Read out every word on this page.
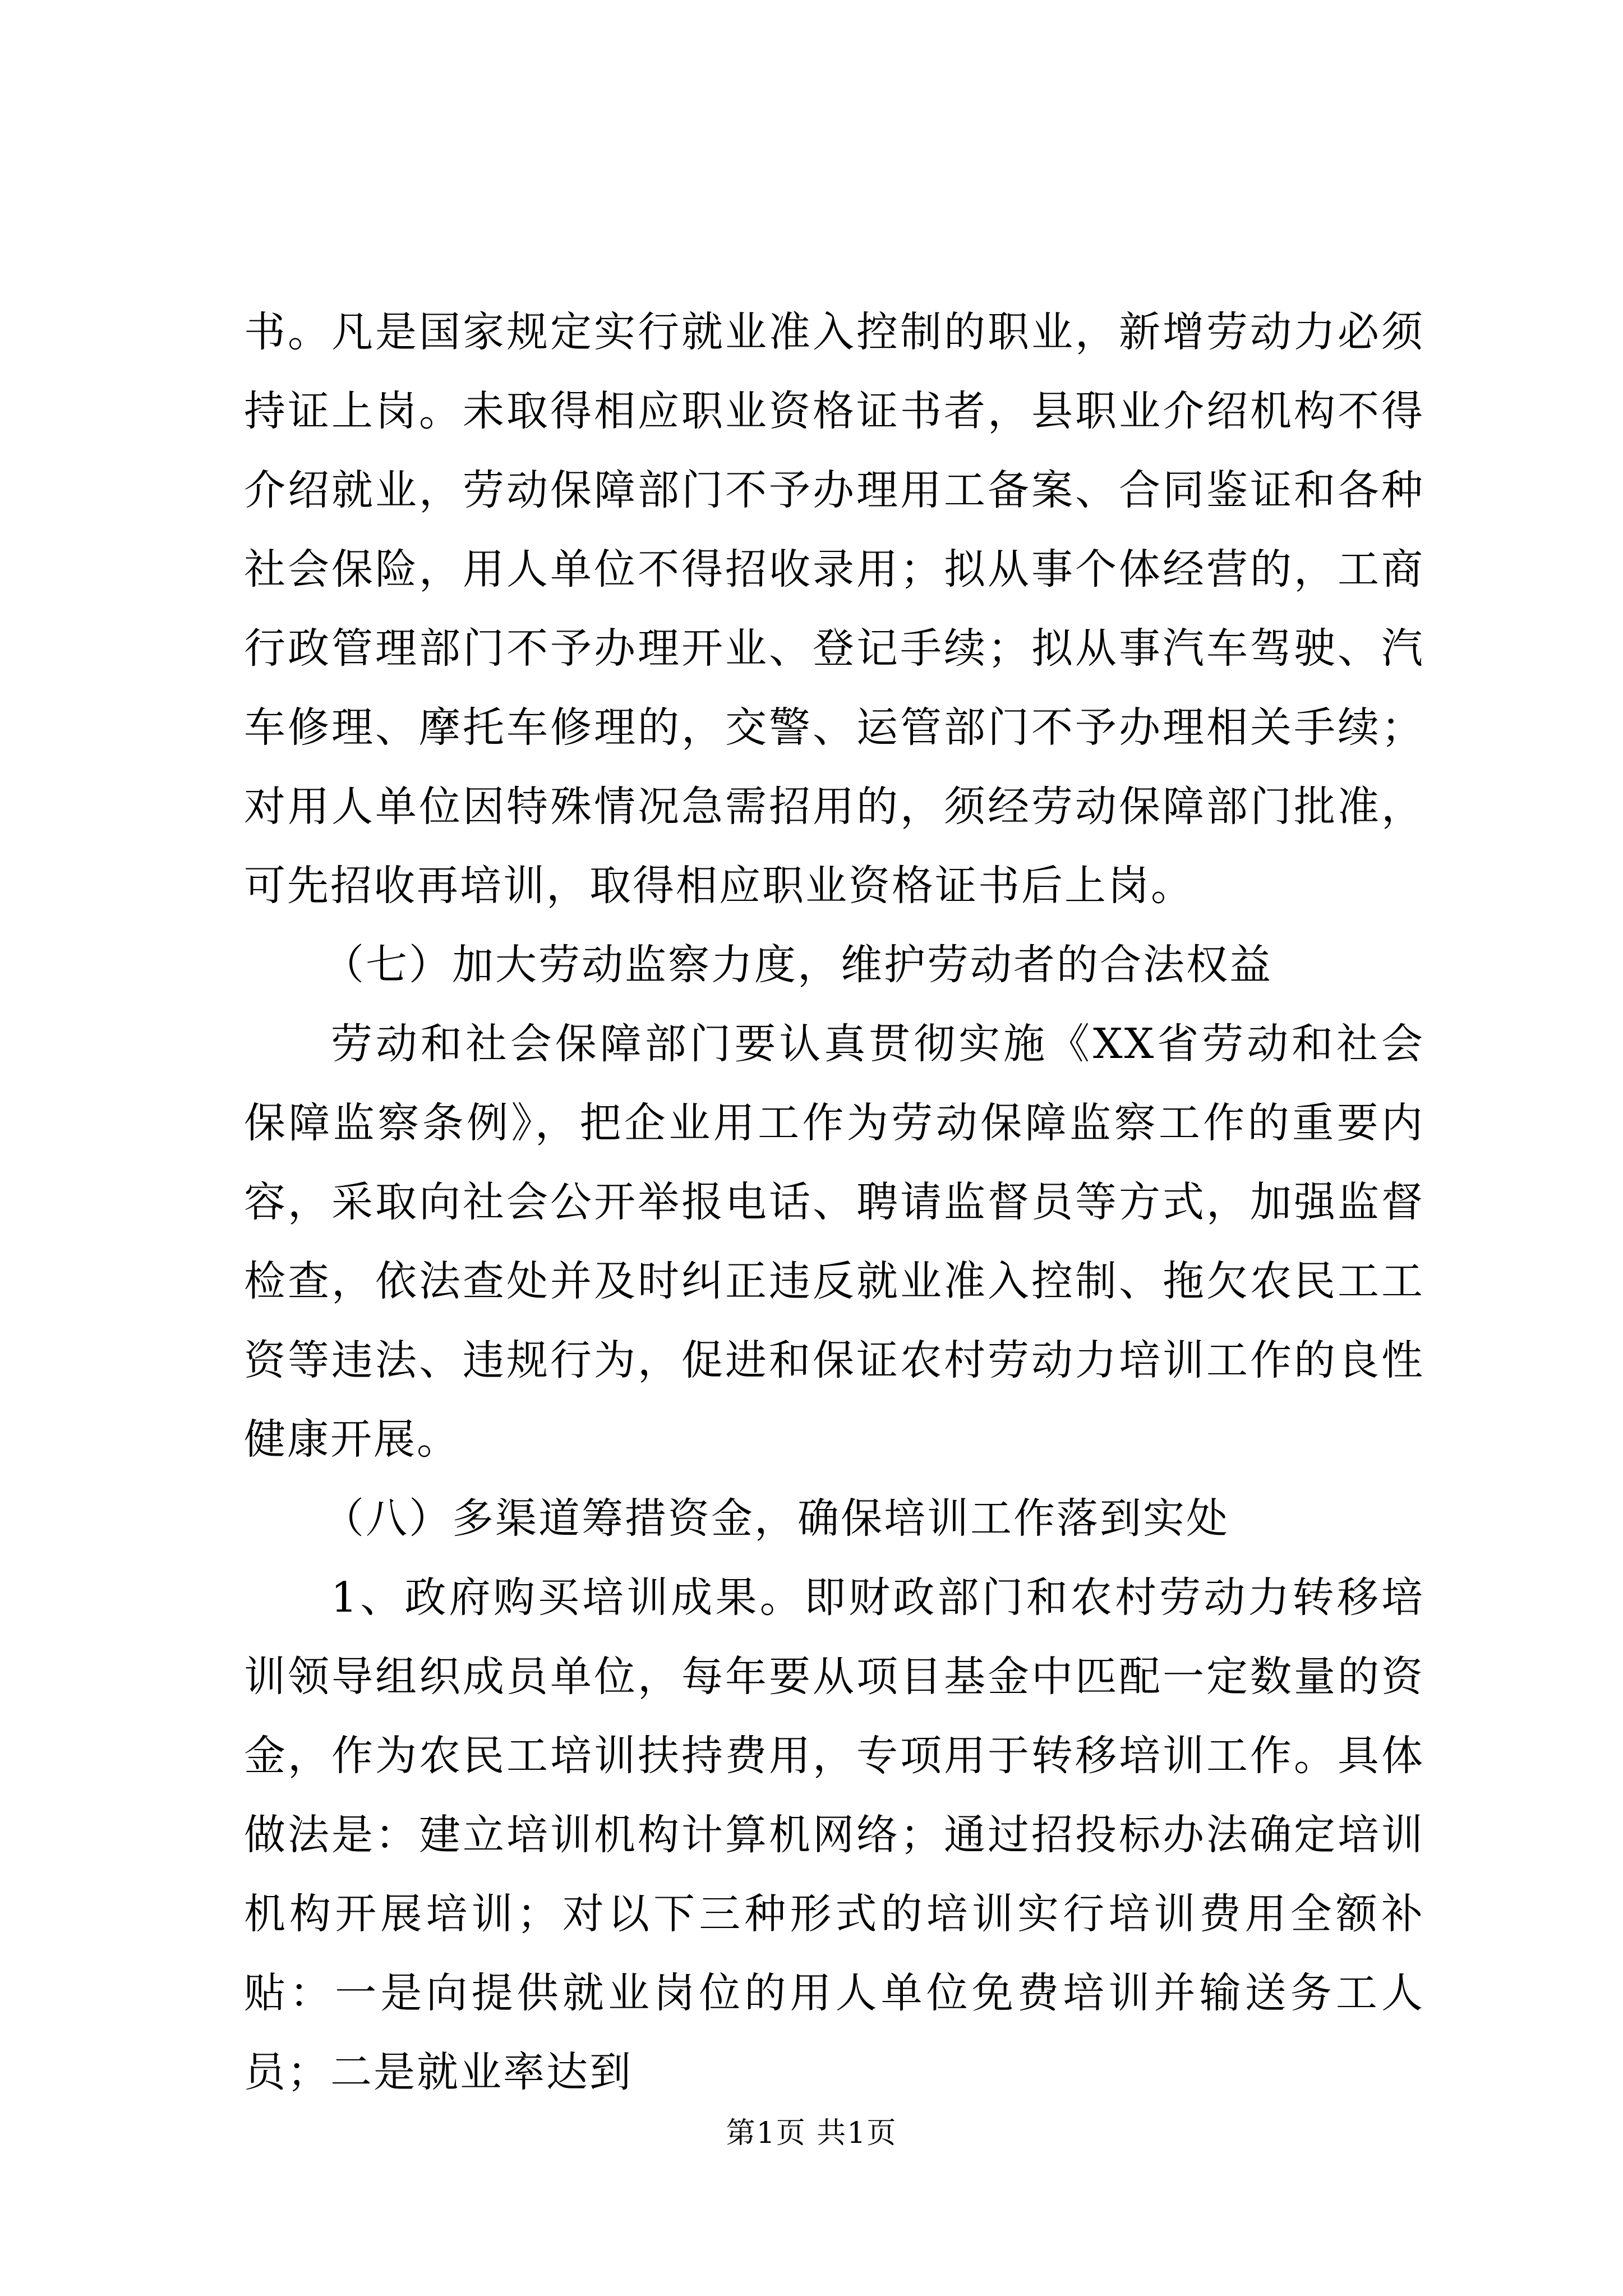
书。凡是国家规定实行就业准入控制的职业，新增劳动力必须持证上岗。未取得相应职业资格证书者，县职业介绍机构不得介绍就业，劳动保障部门不予办理用工备案、合同鉴证和各种社会保险，用人单位不得招收录用；拟从事个体经营的，工商行政管理部门不予办理开业、登记手续；拟从事汽车驾驶、汽车修理、摩托车修理的，交警、运管部门不予办理相关手续；对用人单位因特殊情况急需招用的，须经劳动保障部门批准，可先招收再培训，取得相应职业资格证书后上岗。

（七）加大劳动监察力度，维护劳动者的合法权益

劳动和社会保障部门要认真贯彻实施《XX省劳动和社会保障监察条例》，把企业用工作为劳动保障监察工作的重要内容，采取向社会公开举报电话、聘请监督员等方式，加强监督检查，依法查处并及时纠正违反就业准入控制、拖欠农民工工资等违法、违规行为，促进和保证农村劳动力培训工作的良性健康开展。

（八）多渠道筹措资金，确保培训工作落到实处

1、政府购买培训成果。即财政部门和农村劳动力转移培训领导组织成员单位，每年要从项目基金中匹配一定数量的资金，作为农民工培训扶持费用，专项用于转移培训工作。具体做法是：建立培训机构计算机网络；通过招投标办法确定培训机构开展培训；对以下三种形式的培训实行培训费用全额补贴：一是向提供就业岗位的用人单位免费培训并输送务工人员；二是就业率达到

第1页 共1页
